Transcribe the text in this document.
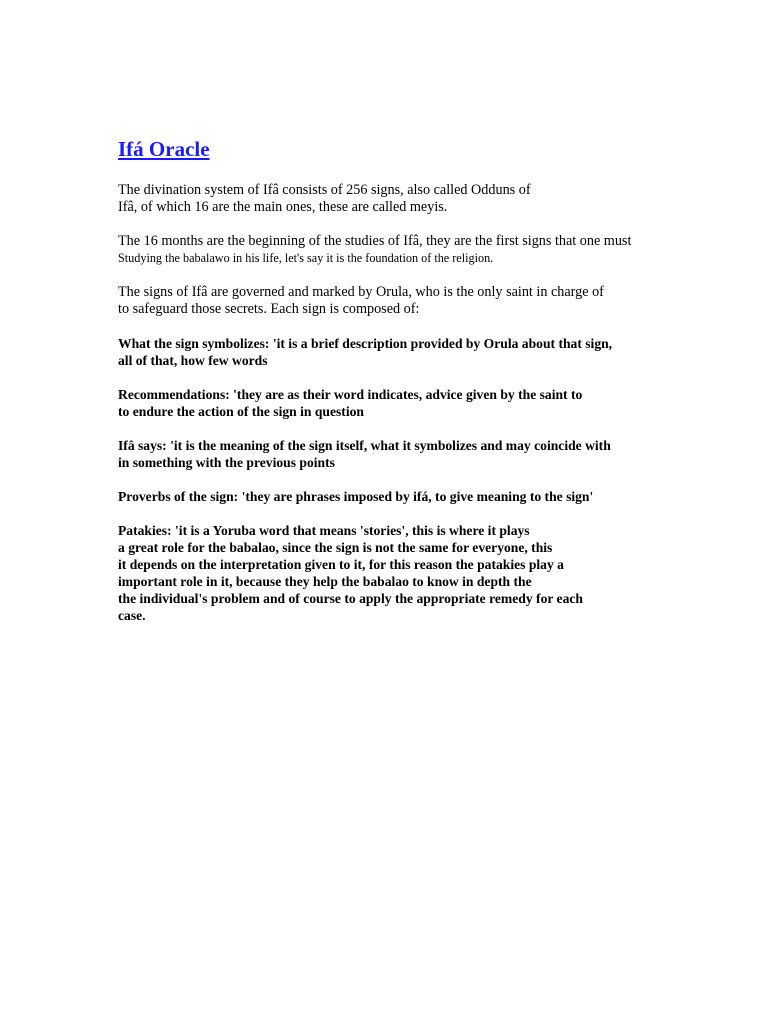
Ifá Oracle

The divination system of Ifâ consists of 256 signs, also called Odduns of
Ifâ, of which 16 are the main ones, these are called meyis.

The 16 months are the beginning of the studies of Ifâ, they are the first signs that one must
Studying the babalawo in his life, let's say it is the foundation of the religion.

The signs of Ifâ are governed and marked by Orula, who is the only saint in charge of
to safeguard those secrets. Each sign is composed of:

What the sign symbolizes: 'it is a brief description provided by Orula about that sign,
all of that, how few words

Recommendations: 'they are as their word indicates, advice given by the saint to
to endure the action of the sign in question

Ifâ says: 'it is the meaning of the sign itself, what it symbolizes and may coincide with
in something with the previous points

Proverbs of the sign: 'they are phrases imposed by ifá, to give meaning to the sign'

Patakies: 'it is a Yoruba word that means 'stories', this is where it plays
a great role for the babalao, since the sign is not the same for everyone, this
it depends on the interpretation given to it, for this reason the patakies play a
important role in it, because they help the babalao to know in depth the
the individual's problem and of course to apply the appropriate remedy for each
case.
